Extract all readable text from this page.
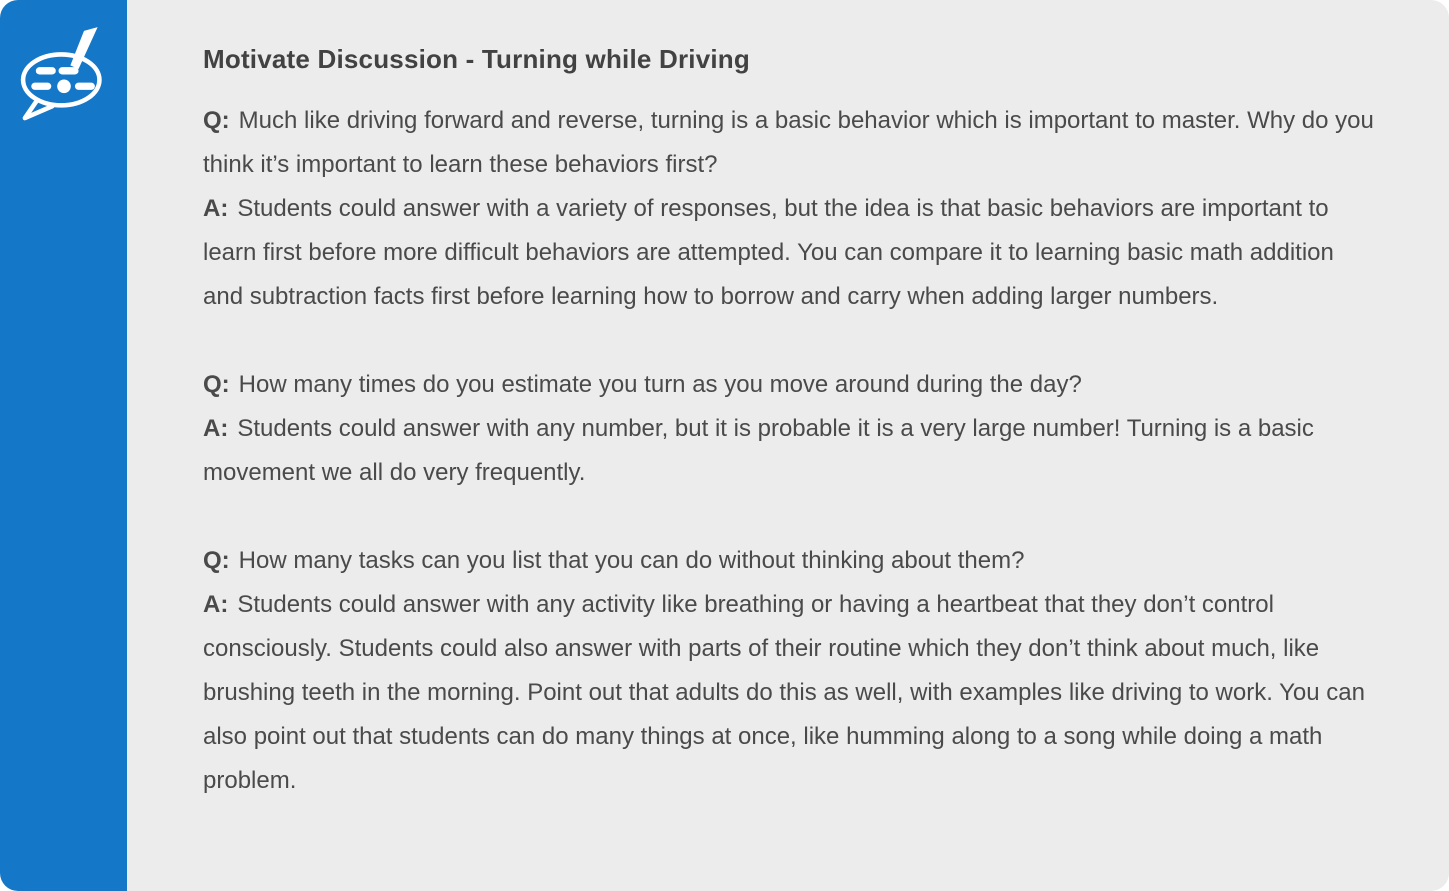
Motivate Discussion - Turning while Driving
Q: Much like driving forward and reverse, turning is a basic behavior which is important to master. Why do you think it’s important to learn these behaviors first?
A: Students could answer with a variety of responses, but the idea is that basic behaviors are important to learn first before more difficult behaviors are attempted. You can compare it to learning basic math addition and subtraction facts first before learning how to borrow and carry when adding larger numbers.
Q: How many times do you estimate you turn as you move around during the day?
A: Students could answer with any number, but it is probable it is a very large number! Turning is a basic movement we all do very frequently.
Q: How many tasks can you list that you can do without thinking about them?
A: Students could answer with any activity like breathing or having a heartbeat that they don’t control consciously. Students could also answer with parts of their routine which they don’t think about much, like brushing teeth in the morning. Point out that adults do this as well, with examples like driving to work. You can also point out that students can do many things at once, like humming along to a song while doing a math problem.
